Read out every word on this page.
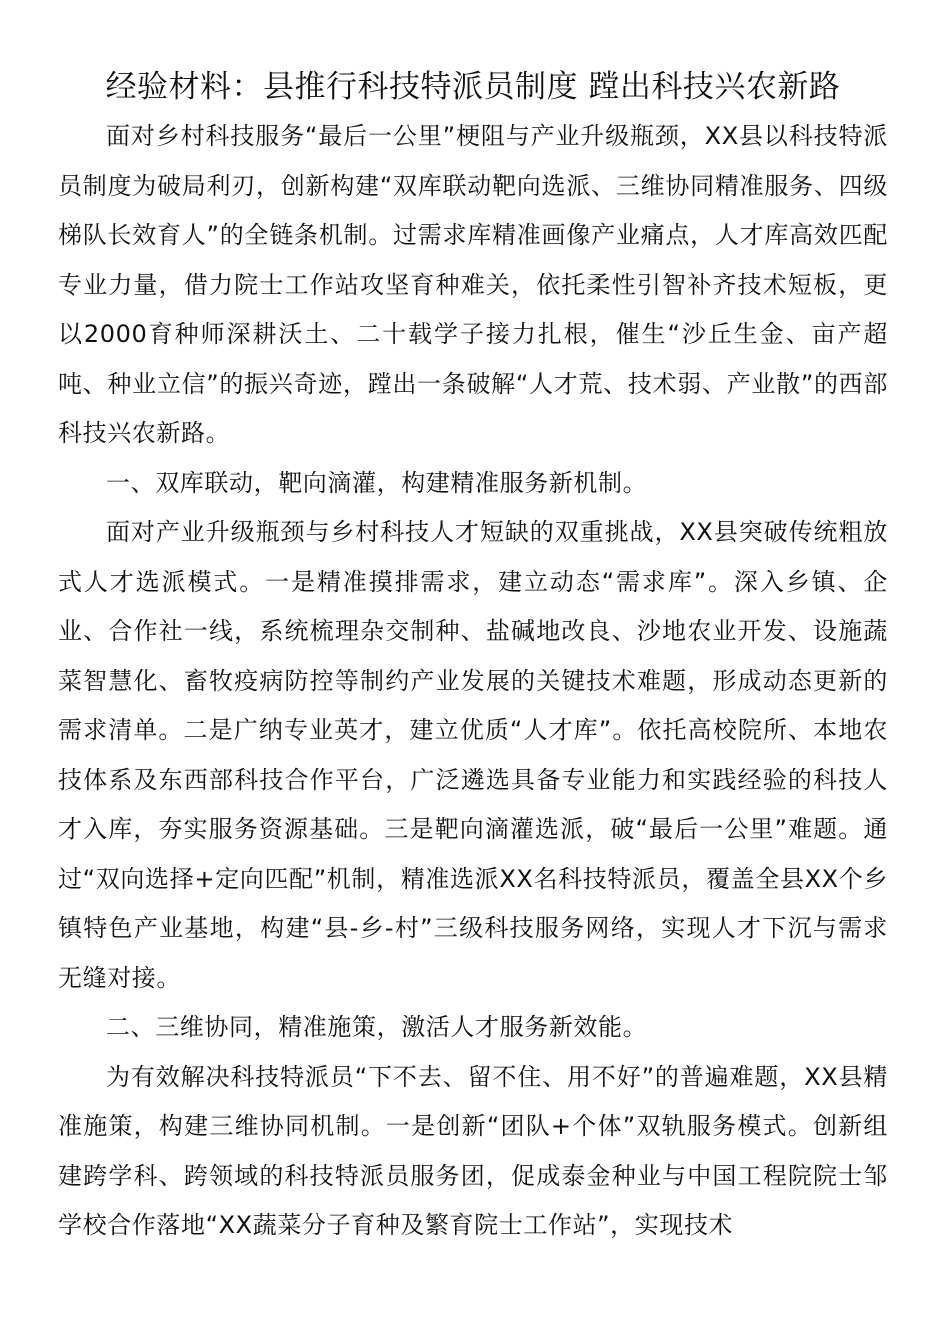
经验材料：县推行科技特派员制度 蹚出科技兴农新路

面对乡村科技服务“最后一公里”梗阻与产业升级瓶颈，XX县以科技特派员制度为破局利刃，创新构建“双库联动靶向选派、三维协同精准服务、四级梯队长效育人”的全链条机制。过需求库精准画像产业痛点，人才库高效匹配专业力量，借力院士工作站攻坚育种难关，依托柔性引智补齐技术短板，更以2000育种师深耕沃土、二十载学子接力扎根，催生“沙丘生金、亩产超吨、种业立信”的振兴奇迹，蹚出一条破解“人才荒、技术弱、产业散”的西部科技兴农新路。

一、双库联动，靶向滴灌，构建精准服务新机制。

面对产业升级瓶颈与乡村科技人才短缺的双重挑战，XX县突破传统粗放式人才选派模式。一是精准摸排需求，建立动态“需求库”。深入乡镇、企业、合作社一线，系统梳理杂交制种、盐碱地改良、沙地农业开发、设施蔬菜智慧化、畜牧疫病防控等制约产业发展的关键技术难题，形成动态更新的需求清单。二是广纳专业英才，建立优质“人才库”。依托高校院所、本地农技体系及东西部科技合作平台，广泛遴选具备专业能力和实践经验的科技人才入库，夯实服务资源基础。三是靶向滴灌选派，破“最后一公里”难题。通过“双向选择+定向匹配”机制，精准选派XX名科技特派员，覆盖全县XX个乡镇特色产业基地，构建“县-乡-村”三级科技服务网络，实现人才下沉与需求无缝对接。

二、三维协同，精准施策，激活人才服务新效能。

为有效解决科技特派员“下不去、留不住、用不好”的普遍难题，XX县精准施策，构建三维协同机制。一是创新“团队+个体”双轨服务模式。创新组建跨学科、跨领域的科技特派员服务团，促成泰金种业与中国工程院院士邹学校合作落地“XX蔬菜分子育种及繁育院士工作站”，实现技术
